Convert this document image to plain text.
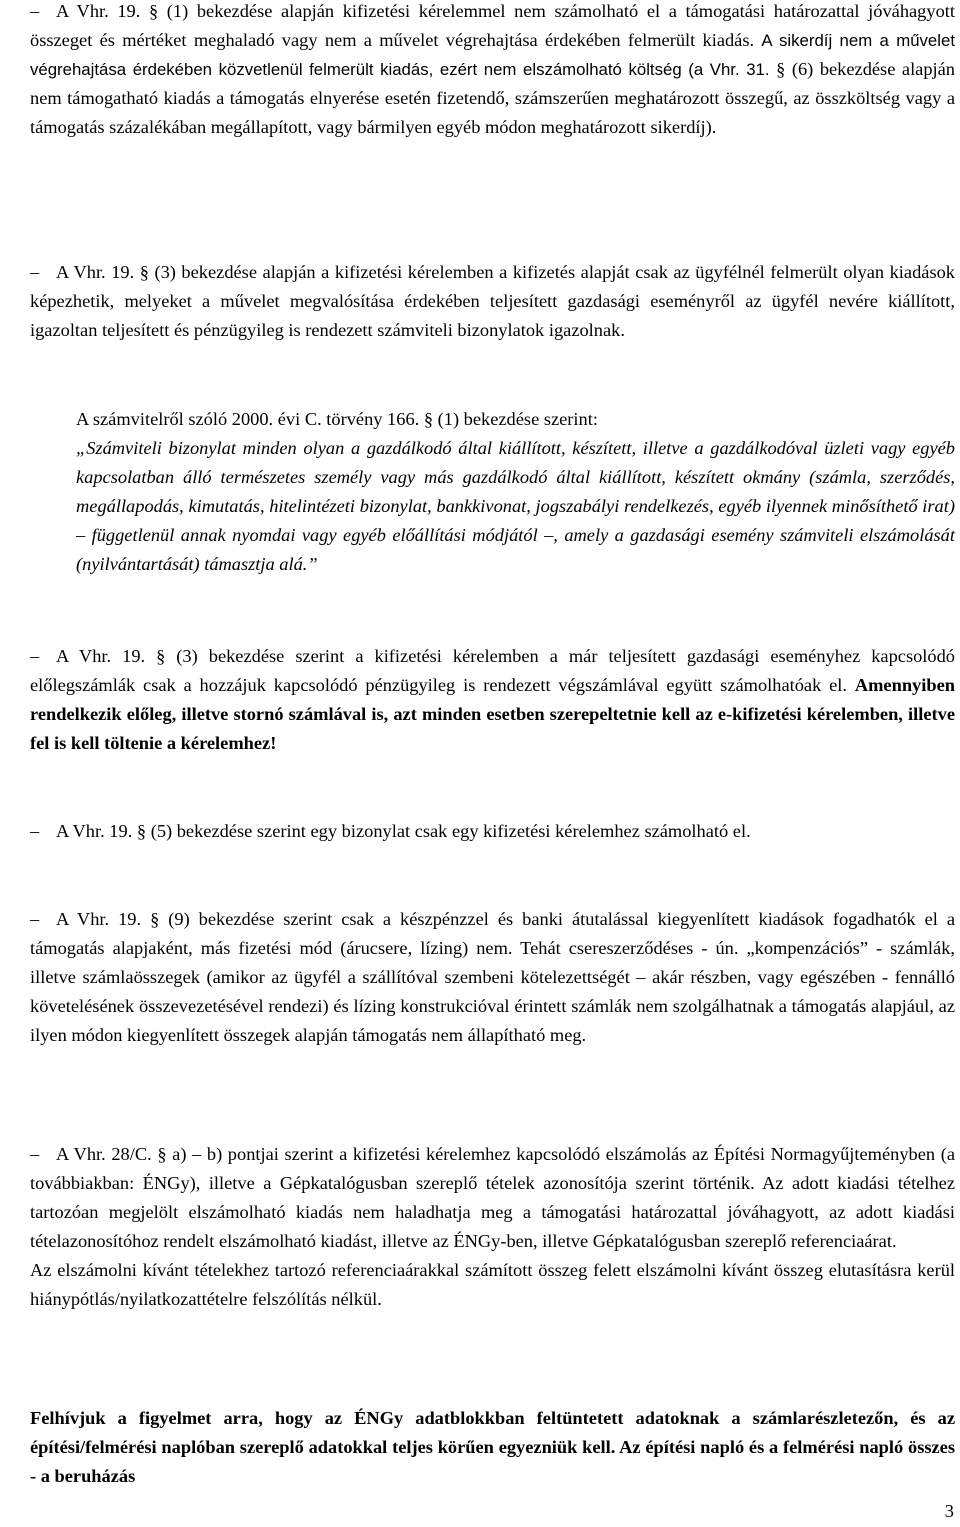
– A Vhr. 19. § (1) bekezdése alapján kifizetési kérelemmel nem számolható el a támogatási határozattal jóváhagyott összeget és mértéket meghaladó vagy nem a művelet végrehajtása érdekében felmerült kiadás. A sikerdíj nem a művelet végrehajtása érdekében közvetlenül felmerült kiadás, ezért nem elszámolható költség (a Vhr. 31. § (6) bekezdése alapján nem támogatható kiadás a támogatás elnyerése esetén fizetendő, számszerűen meghatározott összegű, az összköltség vagy a támogatás százalékában megállapított, vagy bármilyen egyéb módon meghatározott sikerdíj).

– A Vhr. 19. § (3) bekezdése alapján a kifizetési kérelemben a kifizetés alapját csak az ügyfélnél felmerült olyan kiadások képezhetik, melyeket a művelet megvalósítása érdekében teljesített gazdasági eseményről az ügyfél nevére kiállított, igazoltan teljesített és pénzügyileg is rendezett számviteli bizonylatok igazolnak.

A számvitelről szóló 2000. évi C. törvény 166. § (1) bekezdése szerint:

„Számviteli bizonylat minden olyan a gazdálkodó által kiállított, készített, illetve a gazdálkodóval üzleti vagy egyéb kapcsolatban álló természetes személy vagy más gazdálkodó által kiállított, készített okmány (számla, szerződés, megállapodás, kimutatás, hitelintézeti bizonylat, bankkivonat, jogszabályi rendelkezés, egyéb ilyennek minősíthető irat) – függetlenül annak nyomdai vagy egyéb előállítási módjától –, amely a gazdasági esemény számviteli elszámolását (nyilvántartását) támasztja alá.”

– A Vhr. 19. § (3) bekezdése szerint a kifizetési kérelemben a már teljesített gazdasági eseményhez kapcsolódó előlegszámlák csak a hozzájuk kapcsolódó pénzügyileg is rendezett végszámlával együtt számolhatóak el. Amennyiben rendelkezik előleg, illetve stornó számlával is, azt minden esetben szerepeltetnie kell az e-kifizetési kérelemben, illetve fel is kell töltenie a kérelemhez!

– A Vhr. 19. § (5) bekezdése szerint egy bizonylat csak egy kifizetési kérelemhez számolható el.

– A Vhr. 19. § (9) bekezdése szerint csak a készpénzzel és banki átutalással kiegyenlített kiadások fogadhatók el a támogatás alapjaként, más fizetési mód (árucsere, lízing) nem. Tehát csereszerződéses - ún. „kompenzációs” - számlák, illetve számlaösszegek (amikor az ügyfél a szállítóval szembeni kötelezettségét – akár részben, vagy egészében - fennálló követelésének összevezetésével rendezi) és lízing konstrukcióval érintett számlák nem szolgálhatnak a támogatás alapjául, az ilyen módon kiegyenlített összegek alapján támogatás nem állapítható meg.

– A Vhr. 28/C. § a) – b) pontjai szerint a kifizetési kérelemhez kapcsolódó elszámolás az Építési Normagyűjteményben (a továbbiakban: ÉNGy), illetve a Gépkatalógusban szereplő tételek azonosítója szerint történik. Az adott kiadási tételhez tartozóan megjelölt elszámolható kiadás nem haladhatja meg a támogatási határozattal jóváhagyott, az adott kiadási tételazonosítóhoz rendelt elszámolható kiadást, illetve az ÉNGy-ben, illetve Gépkatalógusban szereplő referenciaárat.
Az elszámolni kívánt tételekhez tartozó referenciaárakkal számított összeg felett elszámolni kívánt összeg elutasításra kerül hiánypótlás/nyilatkozattételre felszólítás nélkül.

Felhívjuk a figyelmet arra, hogy az ÉNGy adatblokkban feltüntetett adatoknak a számlarészletezőn, és az építési/felmérési naplóban szereplő adatokkal teljes körűen egyezniük kell. Az építési napló és a felmérési napló összes - a beruházás

3
